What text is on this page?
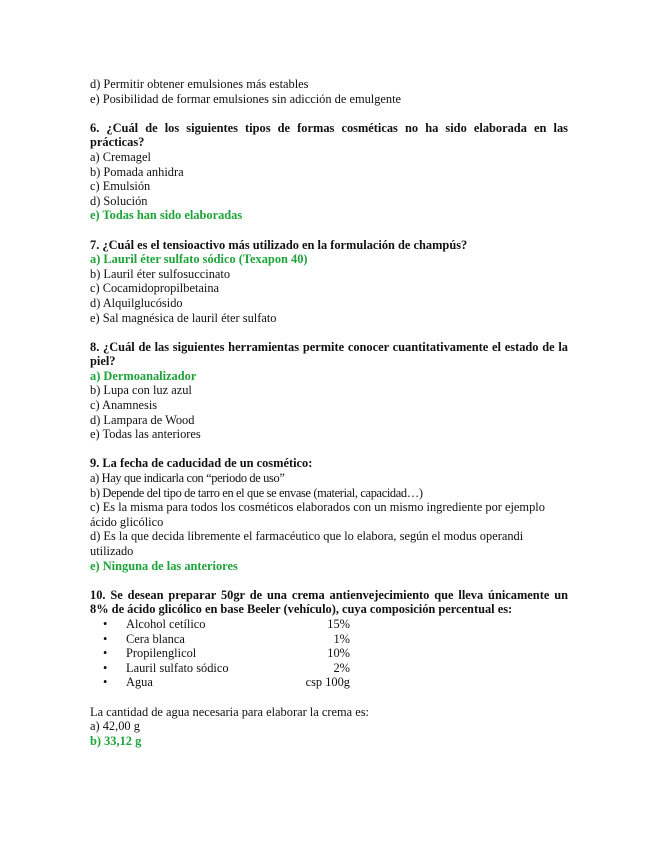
d) Permitir obtener emulsiones más estables

e) Posibilidad de formar emulsiones sin adicción de emulgente

6. ¿Cuál de los siguientes tipos de formas cosméticas no ha sido elaborada en las prácticas?

a) Cremagel

b) Pomada anhidra

c) Emulsión

d) Solución

e) Todas han sido elaboradas

7. ¿Cuál es el tensioactivo más utilizado en la formulación de champús?

a) Lauril éter sulfato sódico (Texapon 40)

b) Lauril éter sulfosuccinato

c) Cocamidopropilbetaina

d) Alquilglucósido

e) Sal magnésica de lauril éter sulfato

8. ¿Cuál de las siguientes herramientas permite conocer cuantitativamente el estado de la piel?

a) Dermoanalizador

b) Lupa con luz azul

c) Anamnesis

d) Lampara de Wood

e) Todas las anteriores

9. La fecha de caducidad de un cosmético:

a) Hay que indicarla con “periodo de uso”

b) Depende del tipo de tarro en el que se envase (material, capacidad…)

c) Es la misma para todos los cosméticos elaborados con un mismo ingrediente por ejemplo ácido glicólico

d) Es la que decida libremente el farmacéutico que lo elabora, según el modus operandi utilizado

e) Ninguna de las anteriores

10. Se desean preparar 50gr de una crema antienvejecimiento que lleva únicamente un 8% de ácido glicólico en base Beeler (vehículo), cuya composición percentual es:

•	Alcohol cetílico	15%
•	Cera blanca	1%
•	Propilenglicol	10%
•	Lauril sulfato sódico	2%
•	Agua	csp 100g

La cantidad de agua necesaria para elaborar la crema es:

a) 42,00 g

b) 33,12 g
